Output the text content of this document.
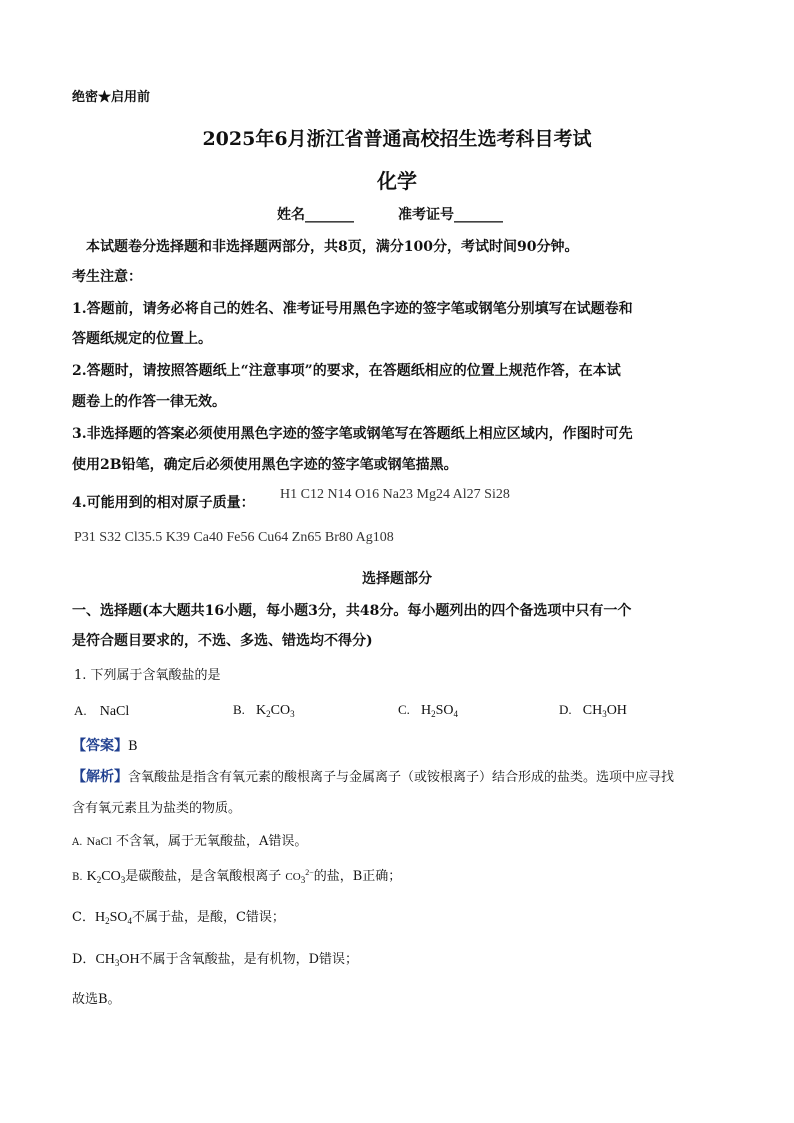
绝密★启用前
2025年6月浙江省普通高校招生选考科目考试
化学
姓名_______	准考证号_______
本试题卷分选择题和非选择题两部分，共8页，满分100分，考试时间90分钟。
考生注意：
1.答题前，请务必将自己的姓名、准考证号用黑色字迹的签字笔或钢笔分别填写在试题卷和
答题纸规定的位置上。
2.答题时，请按照答题纸上“注意事项”的要求，在答题纸相应的位置上规范作答，在本试
题卷上的作答一律无效。
3.非选择题的答案必须使用黑色字迹的签字笔或钢笔写在答题纸上相应区域内，作图时可先
使用2B铅笔，确定后必须使用黑色字迹的签字笔或钢笔描黑。
4.可能用到的相对原子质量：
H1 C12 N14 O16 Na23 Mg24 Al27 Si28
P31 S32 Cl35.5 K39 Ca40 Fe56 Cu64 Zn65 Br80 Ag108
选择题部分
一、选择题(本大题共16小题，每小题3分，共48分。每小题列出的四个备选项中只有一个
是符合题目要求的，不选、多选、错选均不得分)
1. 下列属于含氧酸盐的是
A. NaCl	B. $K_2CO_3$	C. $H_2SO_4$	D. $CH_3OH$
【答案】B
【解析】含氧酸盐是指含有氧元素的酸根离子与金属离子（或铵根离子）结合形成的盐类。选项中应寻找
含有氧元素且为盐类的物质。
A. NaCl 不含氧，属于无氧酸盐，A错误。
B. $K_2CO_3$是碳酸盐，是含氧酸根离子 $CO_3^{2-}$的盐，B正确；
C．$H_2SO_4$不属于盐，是酸，C错误；
D．$CH_3OH$不属于含氧酸盐，是有机物，D错误；
故选B。
